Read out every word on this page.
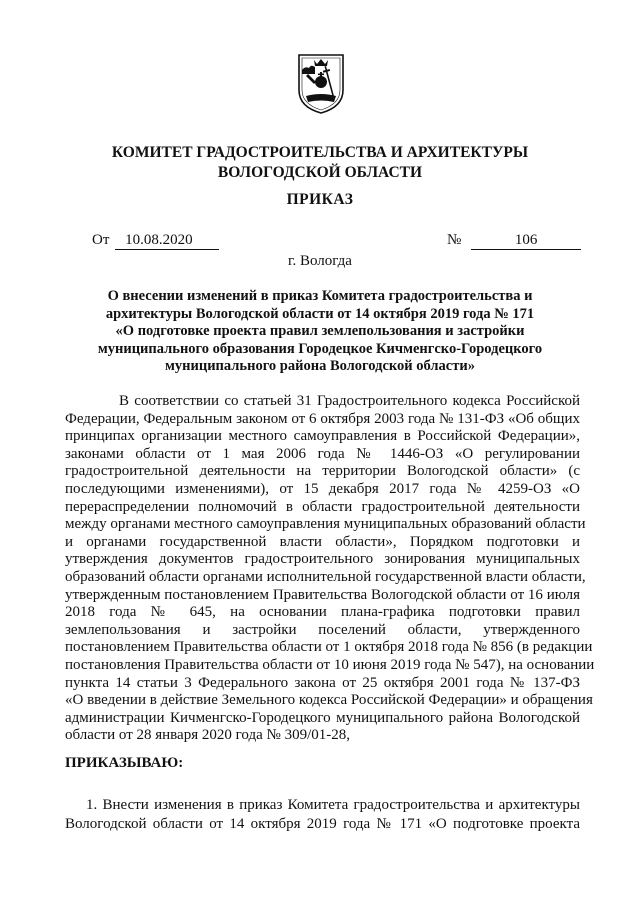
КОМИТЕТ ГРАДОСТРОИТЕЛЬСТВА И АРХИТЕКТУРЫ
ВОЛОГОДСКОЙ ОБЛАСТИ
ПРИКАЗ
От 10.08.2020	№	106
г. Вологда
О внесении изменений в приказ Комитета градостроительства и
архитектуры Вологодской области от 14 октября 2019 года № 171
«О подготовке проекта правил землепользования и застройки
муниципального образования Городецкое Кичменгско-Городецкого
муниципального района Вологодской области»
В соответствии со статьей 31 Градостроительного кодекса Российской
Федерации, Федеральным законом от 6 октября 2003 года № 131-ФЗ «Об общих
принципах организации местного самоуправления в Российской Федерации»,
законами области от 1 мая 2006 года № 1446-ОЗ «О регулировании
градостроительной деятельности на территории Вологодской области» (с
последующими изменениями), от 15 декабря 2017 года № 4259-ОЗ «О
перераспределении полномочий в области градостроительной деятельности
между органами местного самоуправления муниципальных образований области
и органами государственной власти области», Порядком подготовки и
утверждения документов градостроительного зонирования муниципальных
образований области органами исполнительной государственной власти области,
утвержденным постановлением Правительства Вологодской области от 16 июля
2018 года № 645, на основании плана-графика подготовки правил
землепользования и застройки поселений области, утвержденного
постановлением Правительства области от 1 октября 2018 года № 856 (в редакции
постановления Правительства области от 10 июня 2019 года № 547), на основании
пункта 14 статьи 3 Федерального закона от 25 октября 2001 года № 137-ФЗ
«О введении в действие Земельного кодекса Российской Федерации» и обращения
администрации Кичменгско-Городецкого муниципального района Вологодской
области от 28 января 2020 года № 309/01-28,
ПРИКАЗЫВАЮ:
1. Внести изменения в приказ Комитета градостроительства и архитектуры
Вологодской области от 14 октября 2019 года № 171 «О подготовке проекта
